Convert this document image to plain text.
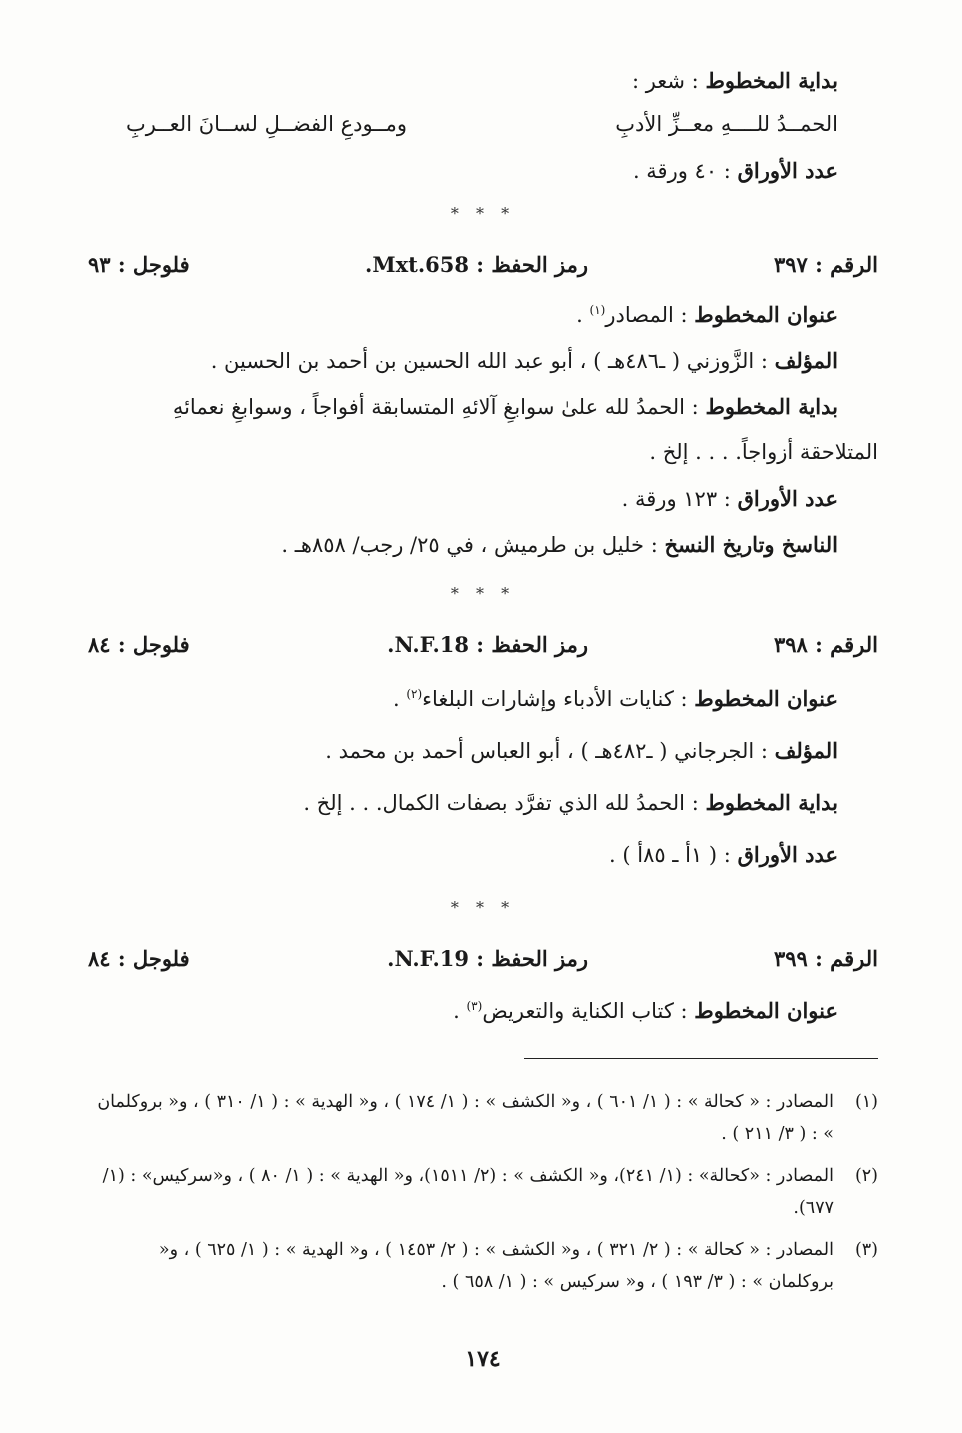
بداية المخطوط : شعر :
الحمــدُ للــــهِ معــزِّ الأدبِ
ومــودعِ الفضــلِ لســانَ العــربِ
عدد الأوراق : ٤٠ ورقة .
* * *
الرقم : ٣٩٧
رمز الحفظ : Mxt.658.
فلوجل : ٩٣
عنوان المخطوط : المصادر$^{(١)}$ .
المؤلف : الزَّوزني ( ـ٤٨٦هـ ) ، أبو عبد الله الحسين بن أحمد بن الحسين .
بداية المخطوط : الحمدُ لله علىٰ سوابغِ آلائهِ المتسابقة أفواجاً ، وسوابغِ نعمائهِ
المتلاحقة أزواجاً. . . . إلخ .
عدد الأوراق : ١٢٣ ورقة .
الناسخ وتاريخ النسخ : خليل بن طرميش ، في ٢٥/ رجب/ ٨٥٨هـ .
* * *
الرقم : ٣٩٨
رمز الحفظ : N.F.18.
فلوجل : ٨٤
عنوان المخطوط : كنايات الأدباء وإشارات البلغاء$^{(٢)}$ .
المؤلف : الجرجاني ( ـ٤٨٢هـ ) ، أبو العباس أحمد بن محمد .
بداية المخطوط : الحمدُ لله الذي تفرَّد بصفات الكمال. . . إلخ .
عدد الأوراق : ( ١أ ـ ٨٥أ ) .
* * *
الرقم : ٣٩٩
رمز الحفظ : N.F.19.
فلوجل : ٨٤
عنوان المخطوط : كتاب الكناية والتعريض$^{(٣)}$ .
(١)
المصادر : « كحالة » : ( ١/ ٦٠١ ) ، و« الكشف » : ( ١/ ١٧٤ ) ، و« الهدية » : ( ١/ ٣١٠ ) ، و« بروكلمان » : ( ٣/ ٢١١ ) .
(٢)
المصادر : «كحالة» : (١/ ٢٤١)، و« الكشف » : (٢/ ١٥١١)، و« الهدية » : ( ١/ ٨٠ ) ، و«سركيس» : (١/ ٦٧٧).
(٣)
المصادر : « كحالة » : ( ٢/ ٣٢١ ) ، و« الكشف » : ( ٢/ ١٤٥٣ ) ، و« الهدية » : ( ١/ ٦٢٥ ) ، و« بروكلمان » : ( ٣/ ١٩٣ ) ، و« سركيس » : ( ١/ ٦٥٨ ) .
١٧٤
